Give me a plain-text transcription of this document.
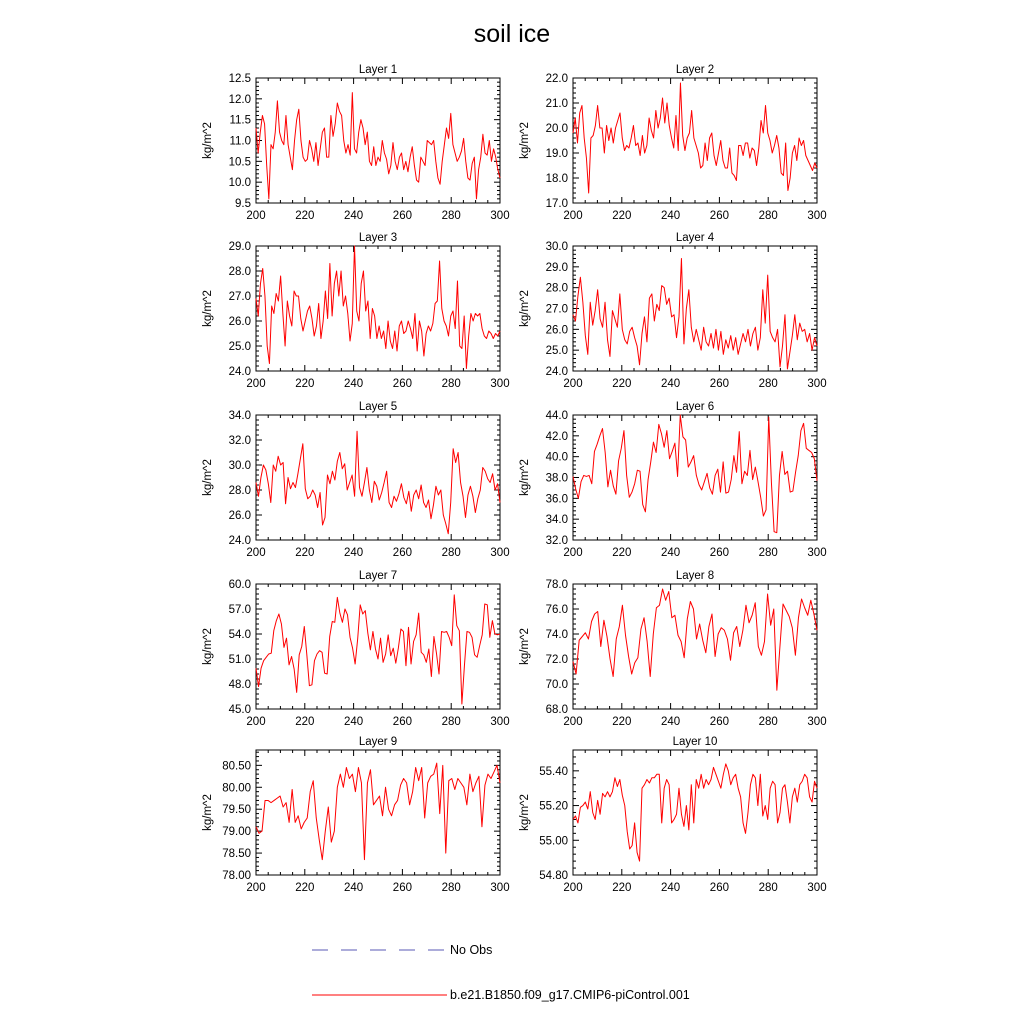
soil ice
Layer 1
kg/m^2
200	220	240	260	280	300
9.5
10.0
10.5
11.0
11.5
12.0
12.5
Layer 2
kg/m^2
200	220	240	260	280	300
17.0
18.0
19.0
20.0
21.0
22.0
Layer 3
kg/m^2
200	220	240	260	280	300
24.0
25.0
26.0
27.0
28.0
29.0
Layer 4
kg/m^2
200	220	240	260	280	300
24.0
25.0
26.0
27.0
28.0
29.0
30.0
Layer 5
kg/m^2
200	220	240	260	280	300
24.0
26.0
28.0
30.0
32.0
34.0
Layer 6
kg/m^2
200	220	240	260	280	300
32.0
34.0
36.0
38.0
40.0
42.0
44.0
Layer 7
kg/m^2
200	220	240	260	280	300
45.0
48.0
51.0
54.0
57.0
60.0
Layer 8
kg/m^2
200	220	240	260	280	300
68.0
70.0
72.0
74.0
76.0
78.0
Layer 9
kg/m^2
200	220	240	260	280	300
78.00
78.50
79.00
79.50
80.00
80.50
Layer 10
kg/m^2
200	220	240	260	280	300
54.80
55.00
55.20
55.40
No Obs
b.e21.B1850.f09_g17.CMIP6-piControl.001
